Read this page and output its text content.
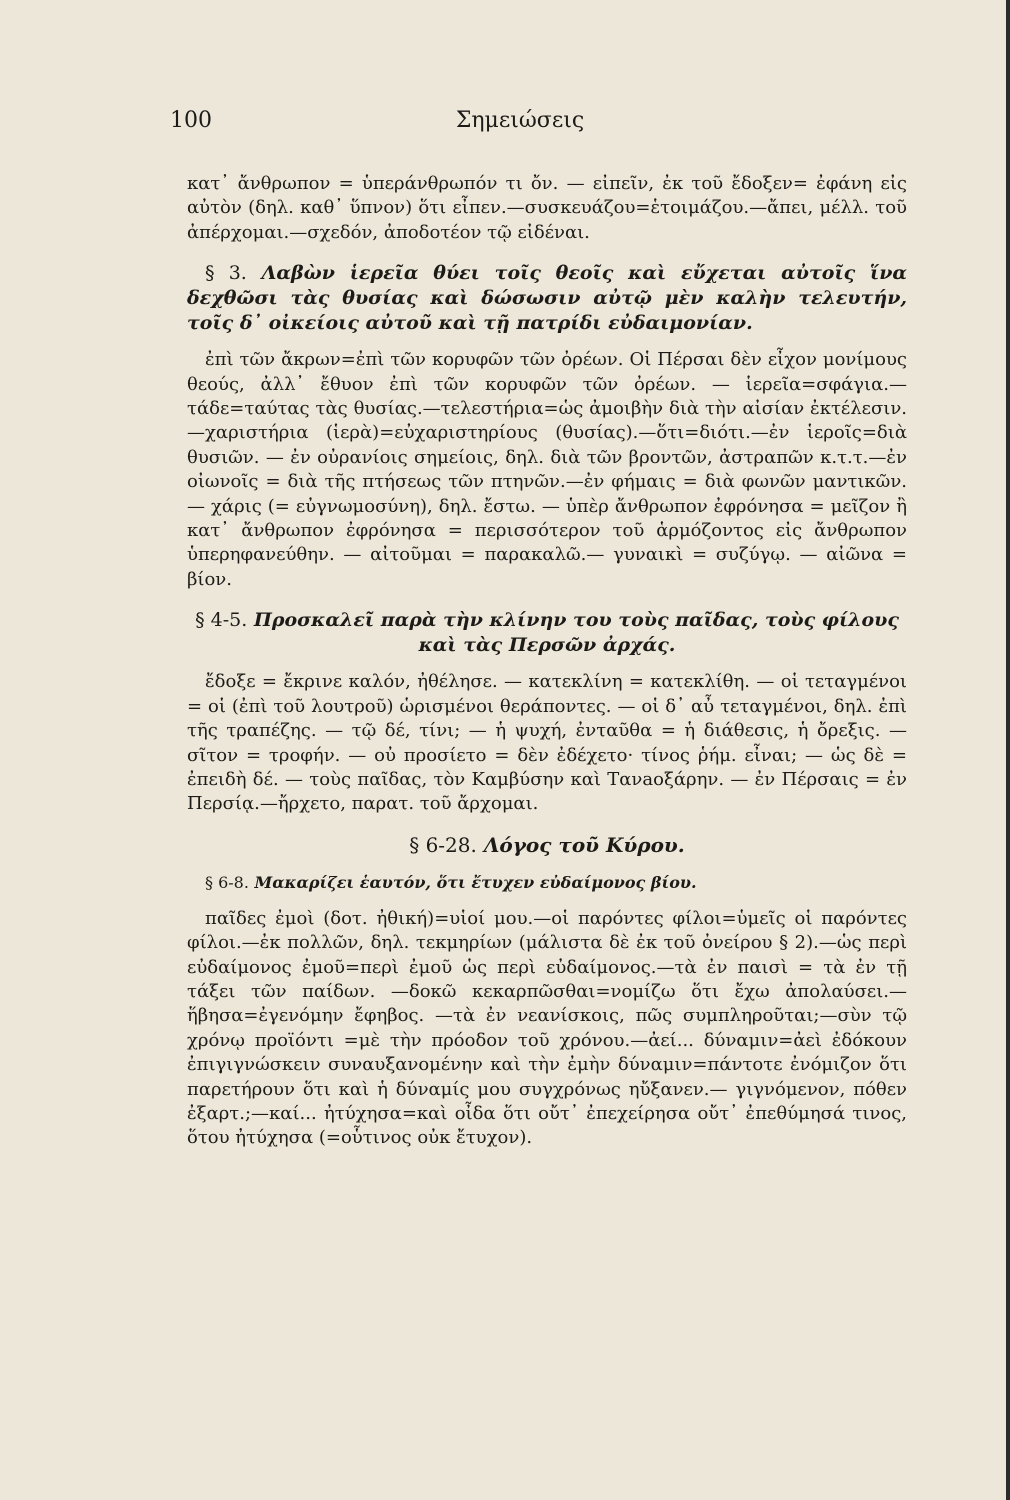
100	Σημειώσεις

κατ᾿ ἄνθρωπον = ὑπεράνθρωπόν τι ὄν. — εἰπεῖν, ἐκ τοῦ ἔδοξεν= ἐφάνη εἰς αὐτὸν (δηλ. καθ᾿ ὕπνον) ὅτι εἶπεν.—συσκευάζου=ἑτοιμάζου.—ἄπει, μέλλ. τοῦ ἀπέρχομαι.—σχεδόν, ἀποδοτέον τῷ εἰδέναι.

§ 3. Λαβὼν ἱερεῖα θύει τοῖς θεοῖς καὶ εὔχεται αὐτοῖς ἵνα δεχθῶσι τὰς θυσίας καὶ δώσωσιν αὐτῷ μὲν καλὴν τελευτήν, τοῖς δ᾿ οἰκείοις αὐτοῦ καὶ τῇ πατρίδι εὐδαιμονίαν.

ἐπὶ τῶν ἄκρων=ἐπὶ τῶν κορυφῶν τῶν ὀρέων. Οἱ Πέρσαι δὲν εἶχον μονίμους θεούς, ἀλλ᾿ ἔθυον ἐπὶ τῶν κορυφῶν τῶν ὀρέων. — ἱερεῖα=σφάγια.—τάδε=ταύτας τὰς θυσίας.—τελεστήρια=ὡς ἀμοιβὴν διὰ τὴν αἰσίαν ἐκτέλεσιν.—χαριστήρια (ἱερὰ)=εὐχαριστηρίους (θυσίας).—ὅτι=διότι.—ἐν ἱεροῖς=διὰ θυσιῶν. — ἐν οὐρανίοις σημείοις, δηλ. διὰ τῶν βροντῶν, ἀστραπῶν κ.τ.τ.—ἐν οἰωνοῖς = διὰ τῆς πτήσεως τῶν πτηνῶν.—ἐν φήμαις = διὰ φωνῶν μαντικῶν. — χάρις (= εὐγνωμοσύνη), δηλ. ἔστω. — ὑπὲρ ἄνθρωπον ἐφρόνησα = μεῖζον ἢ κατ᾿ ἄνθρωπον ἐφρόνησα = περισσότερον τοῦ ἁρμόζοντος εἰς ἄνθρωπον ὑπερηφανεύθην. — αἰτοῦμαι = παρακαλῶ.— γυναικὶ = συζύγῳ. — αἰῶνα = βίον.

§ 4-5. Προσκαλεῖ παρὰ τὴν κλίνην του τοὺς παῖδας, τοὺς φίλους καὶ τὰς Περσῶν ἀρχάς.

ἔδοξε = ἔκρινε καλόν, ἠθέλησε. — κατεκλίνη = κατεκλίθη. — οἱ τεταγμένοι = οἱ (ἐπὶ τοῦ λουτροῦ) ὡρισμένοι θεράποντες. — οἱ δ᾿ αὖ τεταγμένοι, δηλ. ἐπὶ τῆς τραπέζης. — τῷ δέ, τίνι; — ἡ ψυχή, ἐνταῦθα = ἡ διάθεσις, ἡ ὄρεξις. — σῖτον = τροφήν. — οὐ προσίετο = δὲν ἐδέχετο· τίνος ῥήμ. εἶναι; — ὡς δὲ = ἐπειδὴ δέ. — τοὺς παῖδας, τὸν Καμβύσην καὶ Τανaοξάρην. — ἐν Πέρσαις = ἐν Περσίᾳ.—ἤρχετο, παρατ. τοῦ ἄρχομαι.

§ 6-28. Λόγος τοῦ Κύρου.

§ 6-8. Μακαρίζει ἑαυτόν, ὅτι ἔτυχεν εὐδαίμονος βίου.

παῖδες ἐμοὶ (δοτ. ἠθική)=υἱοί μου.—οἱ παρόντες φίλοι=ὑμεῖς οἱ παρόντες φίλοι.—ἐκ πολλῶν, δηλ. τεκμηρίων (μάλιστα δὲ ἐκ τοῦ ὀνείρου § 2).—ὡς περὶ εὐδαίμονος ἐμοῦ=περὶ ἐμοῦ ὡς περὶ εὐδαίμονος.—τὰ ἐν παισὶ = τὰ ἐν τῇ τάξει τῶν παίδων. —δοκῶ κεκαρπῶσθαι=νομίζω ὅτι ἔχω ἀπολαύσει.—ἥβησα=ἐγενόμην ἔφηβος. —τὰ ἐν νεανίσκοις, πῶς συμπληροῦται;—σὺν τῷ χρόνῳ προϊόντι =μὲ τὴν πρόοδον τοῦ χρόνου.—ἀεί... δύναμιν=ἀεὶ ἐδόκουν ἐπιγιγνώσκειν συναυξανομένην καὶ τὴν ἐμὴν δύναμιν=πάντοτε ἐνόμιζον ὅτι παρετήρουν ὅτι καὶ ἡ δύναμίς μου συγχρόνως ηὔξανεν.— γιγνόμενον, πόθεν ἐξαρτ.;—καί... ἠτύχησα=καὶ οἶδα ὅτι οὔτ᾿ ἐπεχείρησα οὔτ᾿ ἐπεθύμησά τινος, ὅτου ἠτύχησα (=οὗτινος οὐκ ἔτυχον).
